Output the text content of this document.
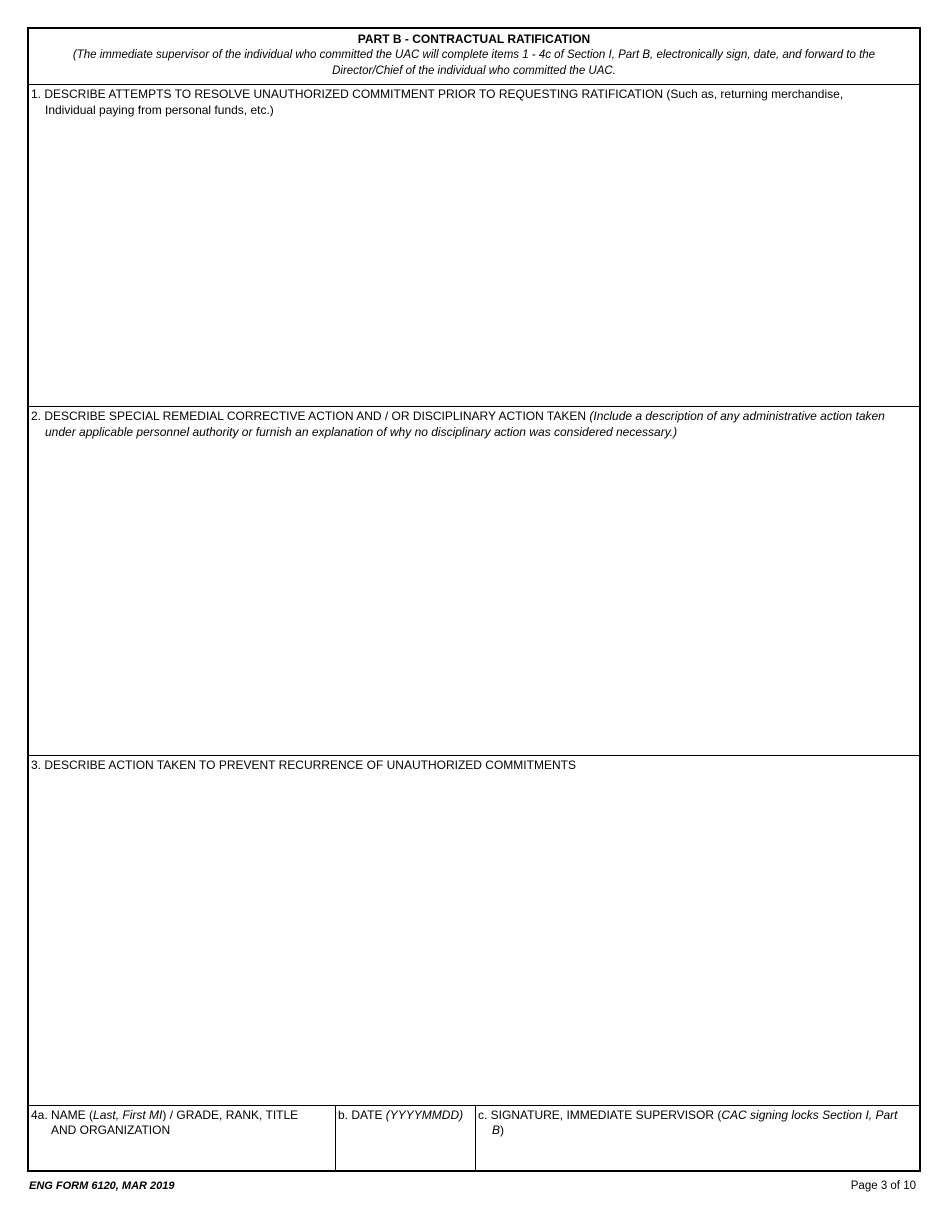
PART B - CONTRACTUAL RATIFICATION
(The immediate supervisor of the individual who committed the UAC will complete items 1 - 4c of Section I, Part B, electronically sign, date, and forward to the
Director/Chief of the individual who committed the UAC.
1. DESCRIBE ATTEMPTS TO RESOLVE UNAUTHORIZED COMMITMENT PRIOR TO REQUESTING RATIFICATION (Such as, returning merchandise,
Individual paying from personal funds, etc.)
2. DESCRIBE SPECIAL REMEDIAL CORRECTIVE ACTION AND / OR DISCIPLINARY ACTION TAKEN (Include a description of any administrative action taken
under applicable personnel authority or furnish an explanation of why no disciplinary action was considered necessary.)
3. DESCRIBE ACTION TAKEN TO PREVENT RECURRENCE OF UNAUTHORIZED COMMITMENTS
4a. NAME (Last, First MI) / GRADE, RANK, TITLE
AND ORGANIZATION
b. DATE (YYYYMMDD)	c. SIGNATURE, IMMEDIATE SUPERVISOR (CAC signing locks Section I, Part
B)
ENG FORM 6120, MAR 2019	Page 3 of 10
